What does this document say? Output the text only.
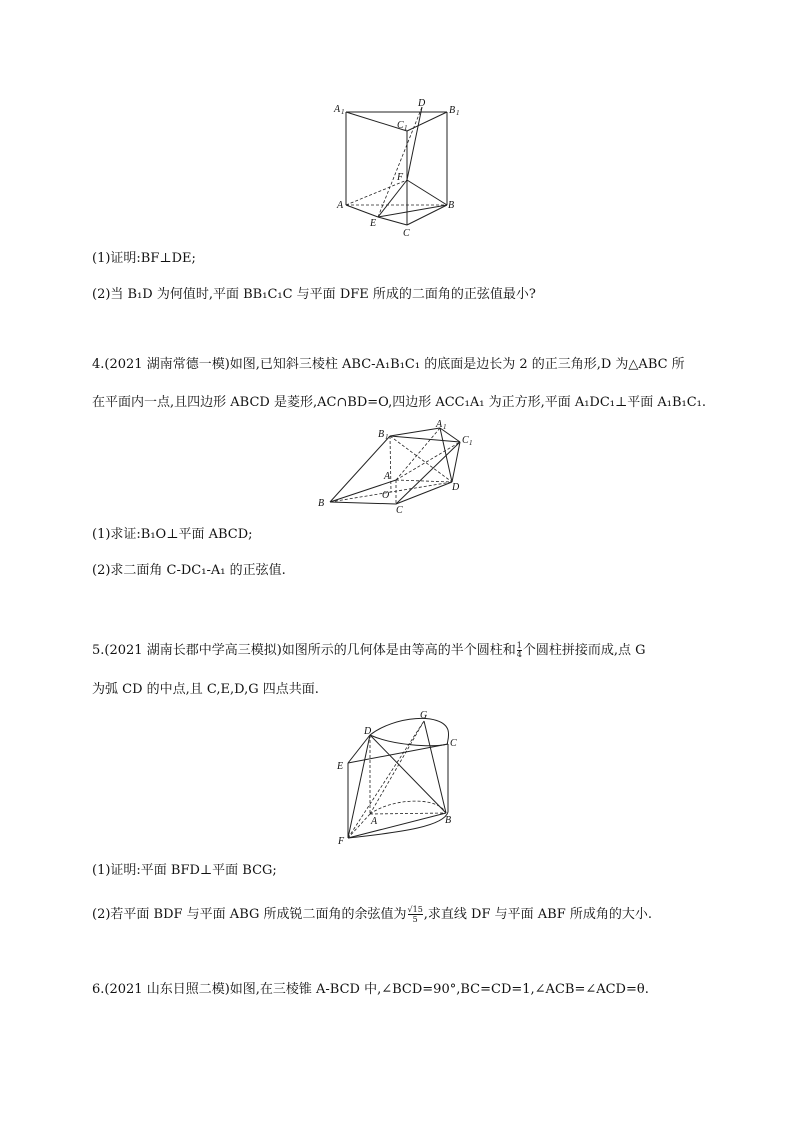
A 1
D
B 1
C 1
F
A
E
B
C
(1)证明:BF⊥DE;
(2)当 B₁D 为何值时,平面 BB₁C₁C 与平面 DFE 所成的二面角的正弦值最小?
4.(2021 湖南常德一模)如图,已知斜三棱柱 ABC-A₁B₁C₁ 的底面是边长为 2 的正三角形,D 为△ABC 所
在平面内一点,且四边形 ABCD 是菱形,AC∩BD=O,四边形 ACC₁A₁ 为正方形,平面 A₁DC₁⊥平面 A₁B₁C₁.
B 1
A 1
C 1
A
D
B
O
C
(1)求证:B₁O⊥平面 ABCD;
(2)求二面角 C-DC₁-A₁ 的正弦值.
5.(2021 湖南长郡中学高三模拟)如图所示的几何体是由等高的半个圆柱和 $\frac{1}{4}$ 个圆柱拼接而成,点 G
为弧 CD 的中点,且 C,E,D,G 四点共面.
G
D
C
E
A	B
F
(1)证明:平面 BFD⊥平面 BCG;
(2)若平面 BDF 与平面 ABG 所成锐二面角的余弦值为 $\frac{√15}{5}$ ,求直线 DF 与平面 ABF 所成角的大小.
6.(2021 山东日照二模)如图,在三棱锥 A-BCD 中,∠BCD=90°,BC=CD=1,∠ACB=∠ACD=θ.
